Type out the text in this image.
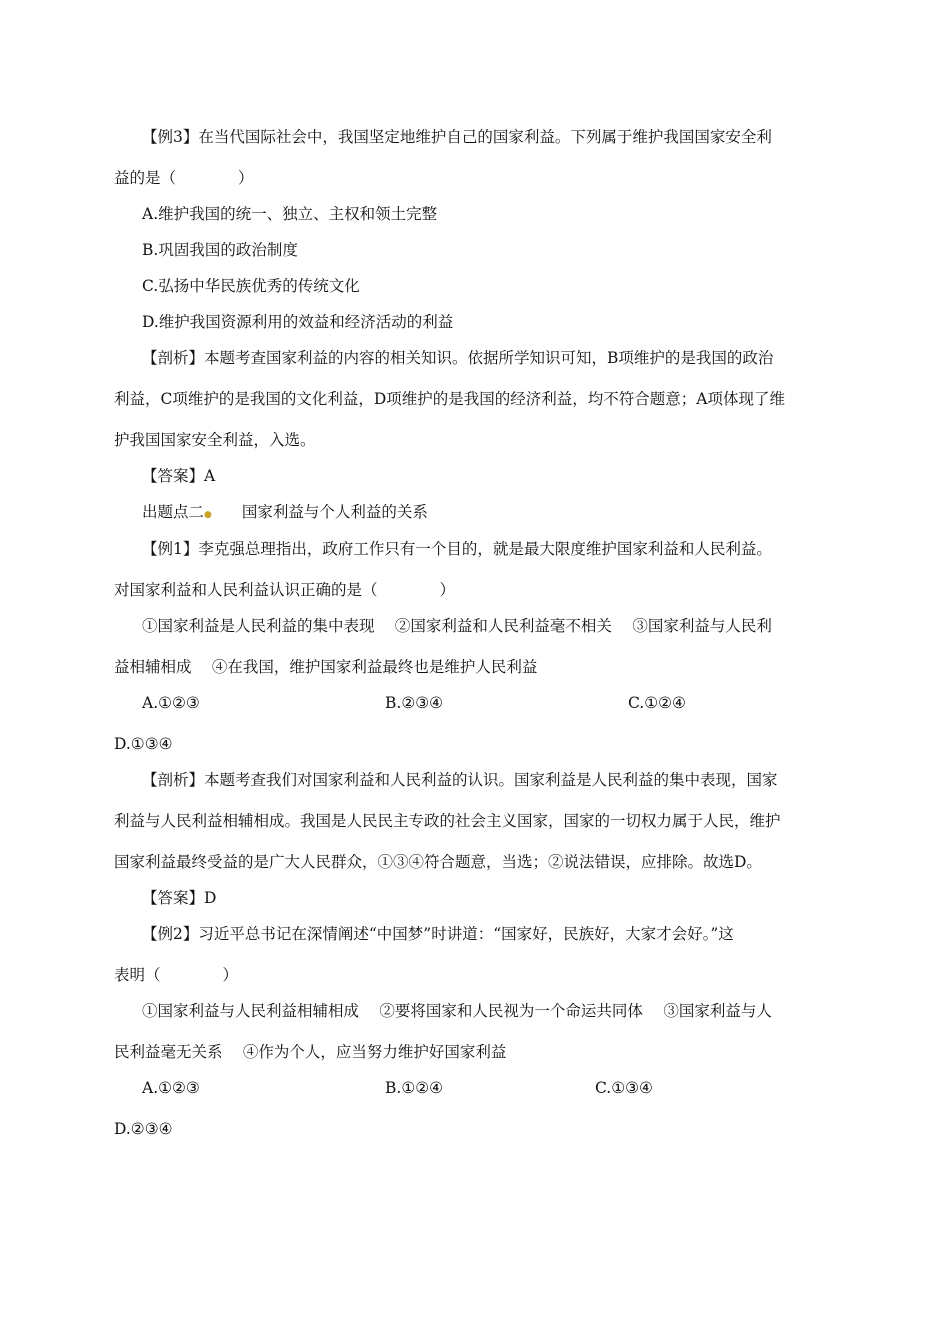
【例3】在当代国际社会中，我国坚定地维护自己的国家利益。下列属于维护我国国家安全利
益的是（　　　　）
A.维护我国的统一、独立、主权和领土完整
B.巩固我国的政治制度
C.弘扬中华民族优秀的传统文化
D.维护我国资源利用的效益和经济活动的利益
【剖析】本题考查国家利益的内容的相关知识。依据所学知识可知，B项维护的是我国的政治
利益，C项维护的是我国的文化利益，D项维护的是我国的经济利益，均不符合题意；A项体现了维
护我国国家安全利益，入选。
【答案】A
出题点二● 国家利益与个人利益的关系
【例1】李克强总理指出，政府工作只有一个目的，就是最大限度维护国家利益和人民利益。
对国家利益和人民利益认识正确的是（　　　　）
①国家利益是人民利益的集中表现　 ②国家利益和人民利益毫不相关　 ③国家利益与人民利
益相辅相成　 ④在我国，维护国家利益最终也是维护人民利益
A.①②③	B.②③④	C.①②④
D.①③④
【剖析】本题考查我们对国家利益和人民利益的认识。国家利益是人民利益的集中表现，国家
利益与人民利益相辅相成。我国是人民民主专政的社会主义国家，国家的一切权力属于人民，维护
国家利益最终受益的是广大人民群众，①③④符合题意，当选；②说法错误，应排除。故选D。
【答案】D
【例2】习近平总书记在深情阐述“中国梦”时讲道：“国家好，民族好，大家才会好。”这
表明（　　　　）
①国家利益与人民利益相辅相成　 ②要将国家和人民视为一个命运共同体　 ③国家利益与人
民利益毫无关系　 ④作为个人，应当努力维护好国家利益
A.①②③	B.①②④	C.①③④
D.②③④
